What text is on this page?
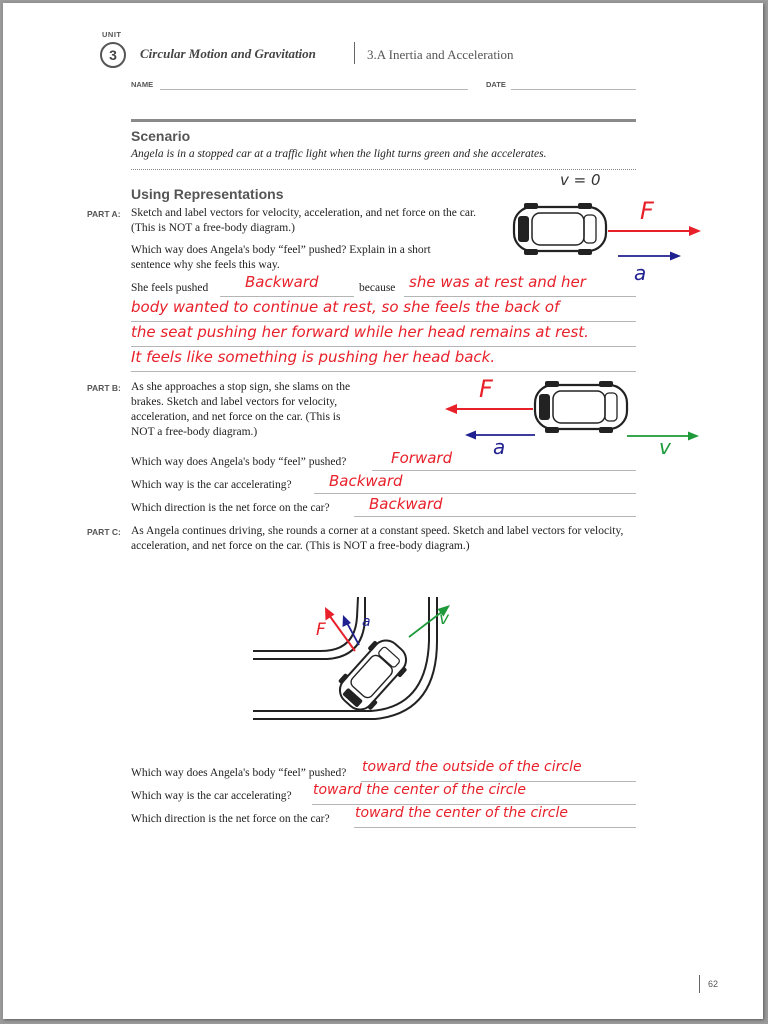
UNIT
3	Circular Motion and Gravitation	3.A Inertia and Acceleration
NAME	DATE
Scenario
Angela is in a stopped car at a traffic light when the light turns green and she accelerates.
v = 0
Using Representations
PART A: Sketch and label vectors for velocity, acceleration, and net force on the car. (This is NOT a free-body diagram.)
Which way does Angela's body “feel” pushed? Explain in a short sentence why she feels this way.
F
a
She feels pushed Backward	because she was at rest and her
body wanted to continue at rest, so she feels the back of
the seat pushing her forward while her head remains at rest.
It feels like something is pushing her head back.
PART B: As she approaches a stop sign, she slams on the brakes. Sketch and label vectors for velocity, acceleration, and net force on the car. (This is NOT a free-body diagram.)
F
a	v
Which way does Angela's body “feel” pushed?	Forward
Which way is the car accelerating? Backward
Which direction is the net force on the car?	Backward
PART C: As Angela continues driving, she rounds a corner at a constant speed. Sketch and label vectors for velocity, acceleration, and net force on the car. (This is NOT a free-body diagram.)
F	a	v
Which way does Angela's body “feel” pushed? toward the outside of the circle
Which way is the car accelerating? toward the center of the circle
Which direction is the net force on the car? toward the center of the circle
62
